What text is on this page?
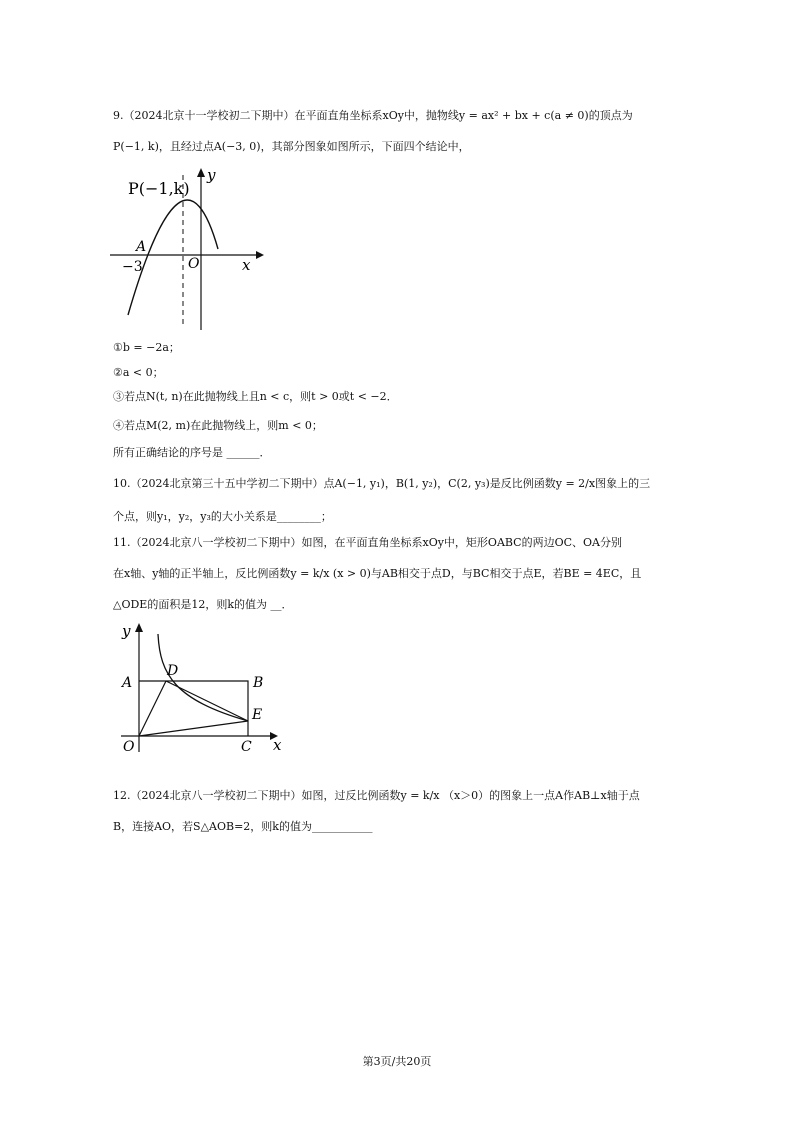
9.（2024北京十一学校初二下期中）在平面直角坐标系xOy中，抛物线y = ax² + bx + c(a ≠ 0)的顶点为
P(−1, k)，且经过点A(−3, 0)，其部分图象如图所示，下面四个结论中，
P(−1,k)
A
−3	O	x
y
①b = −2a；
②a < 0；
③若点N(t, n)在此抛物线上且n < c，则t > 0或t < −2．
④若点M(2, m)在此抛物线上，则m < 0；
所有正确结论的序号是 ______．
10.（2024北京第三十五中学初二下期中）点A(−1, y₁)，B(1, y₂)，C(2, y₃)是反比例函数y = 2/x图象上的三
个点，则y₁，y₂，y₃的大小关系是________；
11.（2024北京八一学校初二下期中）如图，在平面直角坐标系xOy中，矩形OABC的两边OC、OA分别
在x轴、y轴的正半轴上，反比例函数y = k/x (x > 0)与AB相交于点D，与BC相交于点E，若BE = 4EC，且
△ODE的面积是12，则k的值为 __．
y
x
A	B
D
E
C
O
12.（2024北京八一学校初二下期中）如图，过反比例函数y = k/x （x＞0）的图象上一点A作AB⊥x轴于点
B，连接AO，若S△AOB=2，则k的值为___________
第3页/共20页
